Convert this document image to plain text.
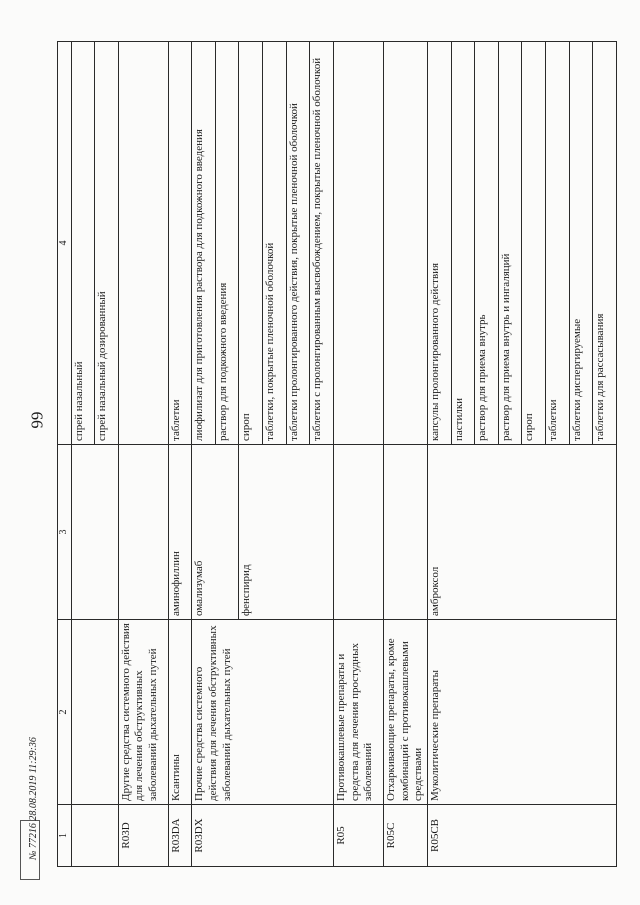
66
1	2	3	4
			спрей назальный
			спрей назальный дозированный
R03D	Другие средства системного действия для лечения обструктивных заболеваний дыхательных путей		
R03DA	Ксантины	аминофиллин	таблетки
R03DX	Прочие средства системного действия для лечения обструктивных заболеваний дыхательных путей	омализумаб	лиофилизат для приготовления раствора для подкожного введения
			раствор для подкожного введения
		фенспирид	сироп
			таблетки, покрытые пленочной оболочкой
			таблетки пролонгированного действия, покрытые пленочной оболочкой
			таблетки с пролонгированным высвобождением, покрытые пленочной оболочкой
R05	Противокашлевые препараты и средства для лечения простудных заболеваний		
R05C	Отхаркивающие препараты, кроме комбинаций с противокашлевыми средствами		
R05CB	Муколитические препараты	амброксол	капсулы пролонгированного действия
			пастилки
			раствор для приема внутрь
			раствор для приема внутрь и ингаляций
			сироп
			таблетки
			таблетки диспергируемые
			таблетки для рассасывания
№ 77216 28.08.2019 11:29:36
